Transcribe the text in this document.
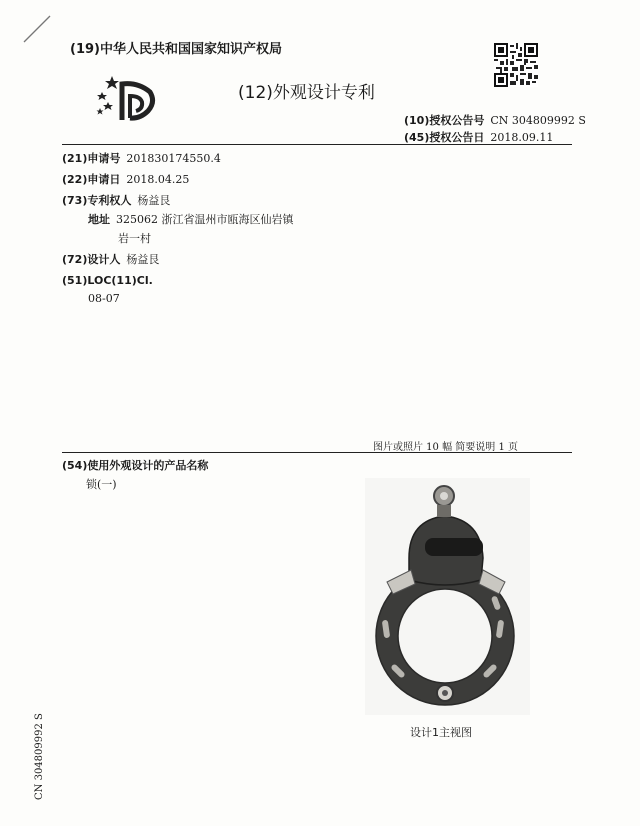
(19)中华人民共和国国家知识产权局
(12)外观设计专利
(10)授权公告号 CN 304809992 S
(45)授权公告日 2018.09.11
(21)申请号 201830174550.4
(22)申请日 2018.04.25
(73)专利权人 杨益艮
地址 325062 浙江省温州市瓯海区仙岩镇
岩一村
(72)设计人 杨益艮
(51)LOC(11)Cl.
08-07
图片或照片 10 幅 简要说明 1 页
(54)使用外观设计的产品名称
锁(一)
设计1主视图
CN 304809992 S
